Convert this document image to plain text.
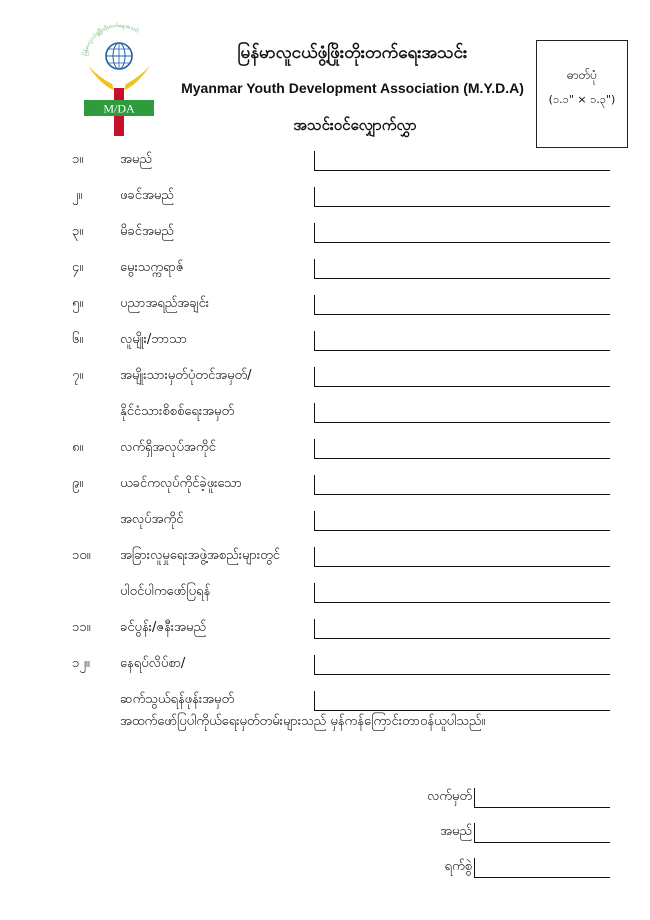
မြန်မာလူငယ်ဖွံ့ဖြိုးတိုးတက်ရေးအသင်း
M/DA
မြန်မာလူငယ်ဖွံ့ဖြိုးတိုးတက်ရေးအသင်း
Myanmar Youth Development Association (M.Y.D.A)
အသင်းဝင်လျှောက်လွှာ
ဓာတ်ပုံ
(၁.၁" × ၁.၃")
၁။	အမည်
၂။	ဖခင်အမည်
၃။	မိခင်အမည်
၄။	မွေးသက္ကရာဇ်
၅။	ပညာအရည်အချင်း
၆။	လူမျိုး/ဘာသာ
၇။	အမျိုးသားမှတ်ပုံတင်အမှတ်/
နိုင်ငံသားစိစစ်ရေးအမှတ်
၈။	လက်ရှိအလုပ်အကိုင်
၉။	ယခင်ကလုပ်ကိုင်ခဲ့ဖူးသော
အလုပ်အကိုင်
၁၀။ အခြားလူမှုရေးအဖွဲ့အစည်းများတွင်
ပါဝင်ပါကဖော်ပြရန်
၁၁။ ခင်ပွန်း/ဇနီးအမည်
၁၂။ နေရပ်လိပ်စာ/
ဆက်သွယ်ရန်ဖုန်းအမှတ်
အထက်ဖော်ပြပါကိုယ်ရေးမှတ်တမ်းများသည် မှန်ကန်ကြောင်းတာဝန်ယူပါသည်။
လက်မှတ်
အမည်
ရက်စွဲ
